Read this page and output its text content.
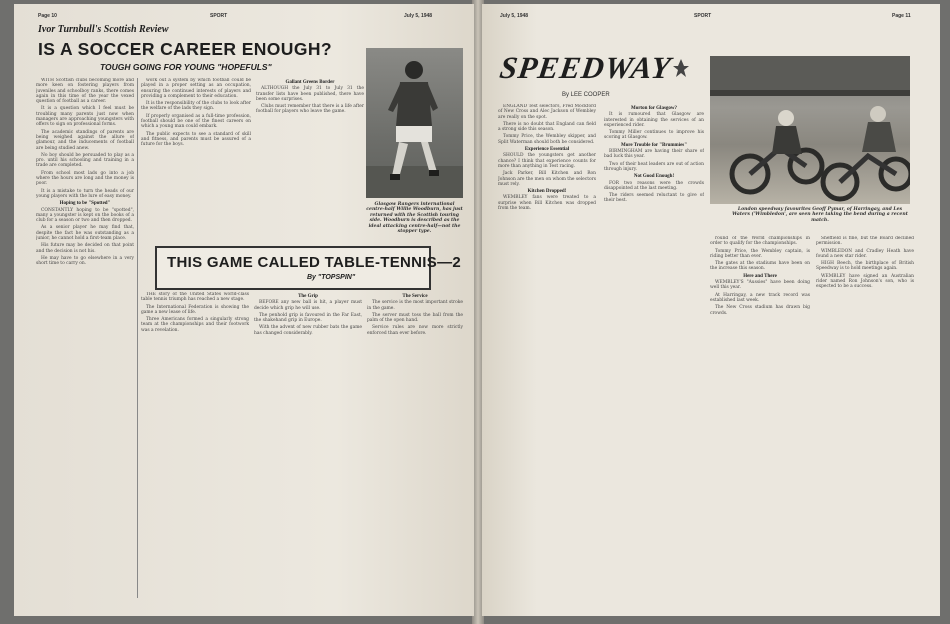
Page 10	SPORT	July 5, 1948
Ivor Turnbull's Scottish Review
IS A SOCCER CAREER ENOUGH?
TOUGH GOING FOR YOUNG "HOPEFULS"

WITH Scottish clubs becoming more and more keen on fostering players from juveniles and schoolboy ranks, there comes again in this time of the year the vexed question of football as a career.

It is a question which I feel must be troubling many parents just now when managers are approaching youngsters with offers to sign on professional forms.

The academic standings of parents are being weighed against the allure of glamour, and the inducements of football are being studied anew.

No boy should be persuaded to play as a pro. until his schooling and training in a trade are completed.

From school most lads go into a job where the hours are long and the money is poor.

It is a mistake to turn the heads of our young players with the lure of easy money.

Hoping to be "Spotted"

CONSTANTLY hoping to be "spotted", many a youngster is kept on the books of a club for a season or two and then dropped.

As a senior player he may find that, despite the fact he was outstanding as a junior, he cannot hold a first-team place.

His future may be decided on that point and the decision is not his.

He may have to go elsewhere in a very short time to carry on.

work out a system by which football could be played in a proper setting as an occupation, ensuring the continued interests of players and providing a complement to their education.

It is the responsibility of the clubs to look after the welfare of the lads they sign.

If properly organised as a full-time profession, football should be one of the finest careers on which a young man could embark.

The public expects to see a standard of skill and fitness, and parents must be assured of a future for the boys.

Gallant Greens Border

ALTHOUGH the July 31 to July 31 the transfer lists have been published, there have been some surprises.

Clubs must remember that there is a life after football for players who leave the game.

Glasgow Rangers international centre-half Willie Woodburn, has just returned with the Scottish touring side. Woodburn is described as the ideal attacking centre-half—not the stopper type.
THIS GAME CALLED TABLE-TENNIS—2
By "TOPSPIN"

THE story of the United States world-class table tennis triumph has reached a new stage.

The International Federation is showing the game a new lease of life.

Three Americans formed a singularly strong team at the championships and their footwork was a revelation.

The Grip

BEFORE any new ball is hit, a player must decide which grip he will use.

The penhold grip is favoured in the Far East, the shakehand grip in Europe.

With the advent of new rubber bats the game has changed considerably.

The Service

The service is the most important stroke in the game.

The server must toss the ball from the palm of the open hand.

Service rules are now more strictly enforced than ever before.

July 5, 1948	SPORT	Page 11
SPEEDWAY
By LEE COOPER
London speedway favourites Geoff Pymar, of Harringay, and Les Waters ('Wimbledon', are seen here taking the bend during a recent match.

ENGLAND Test selectors, Fred Mockford of New Cross and Alec Jackson of Wembley are really on the spot.

There is no doubt that England can field a strong side this season.

Tommy Price, the Wembley skipper, and Split Waterman should both be considered.

Experience Essential

SHOULD the youngsters get another chance? I think that experience counts for more than anything in Test racing.

Jack Parker, Bill Kitchen and Ron Johnson are the men on whom the selectors must rely.

Kitchen Dropped!

WEMBLEY fans were treated to a surprise when Bill Kitchen was dropped from the team.

Morton for Glasgow?

It is rumoured that Glasgow are interested in obtaining the services of an experienced rider.

Tommy Miller continues to improve his scoring at Glasgow.

More Trouble for "Brummies"

BIRMINGHAM are having their share of bad luck this year.

Two of their heat leaders are out of action through injury.

Not Good Enough!

FOR two reasons were the crowds disappointed at the last meeting.

The riders seemed reluctant to give of their best.

round of the World championships in order to qualify for the championships.

Tommy Price, the Wembley captain, is riding better than ever.

The gates at the stadiums have been on the increase this season.

Here and There

WEMBLEY'S "Aussies" have been doing well this year.

At Harringay, a new track record was established last week.

The New Cross stadium has drawn big crowds.

Sheffield is fine, but the Board declined permission.

WIMBLEDON and Cradley Heath have found a new star rider.

HIGH Beech, the birthplace of British Speedway is to hold meetings again.

WEMBLEY have signed an Australian rider named Ron Johnson's son, who is expected to be a success.
